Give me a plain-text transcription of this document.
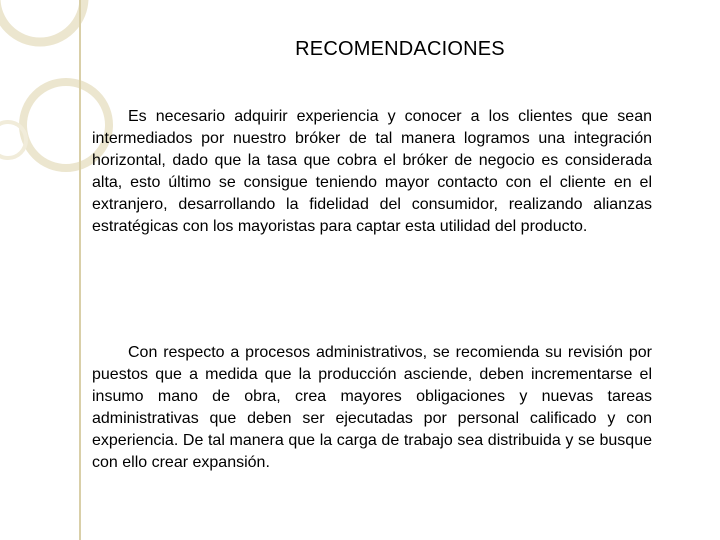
RECOMENDACIONES

Es necesario adquirir experiencia y conocer a los clientes que sean intermediados por nuestro bróker de tal manera logramos una integración horizontal, dado que la tasa que cobra el bróker de negocio es considerada alta, esto último se consigue teniendo mayor contacto con el cliente en el extranjero, desarrollando la fidelidad del consumidor, realizando alianzas estratégicas con los mayoristas para captar esta utilidad del producto.

Con respecto a procesos administrativos, se recomienda su revisión por puestos que a medida que la producción asciende, deben incrementarse el insumo mano de obra, crea mayores obligaciones y nuevas tareas administrativas que deben ser ejecutadas por personal calificado y con experiencia. De tal manera que la carga de trabajo sea distribuida y se busque con ello crear expansión.
